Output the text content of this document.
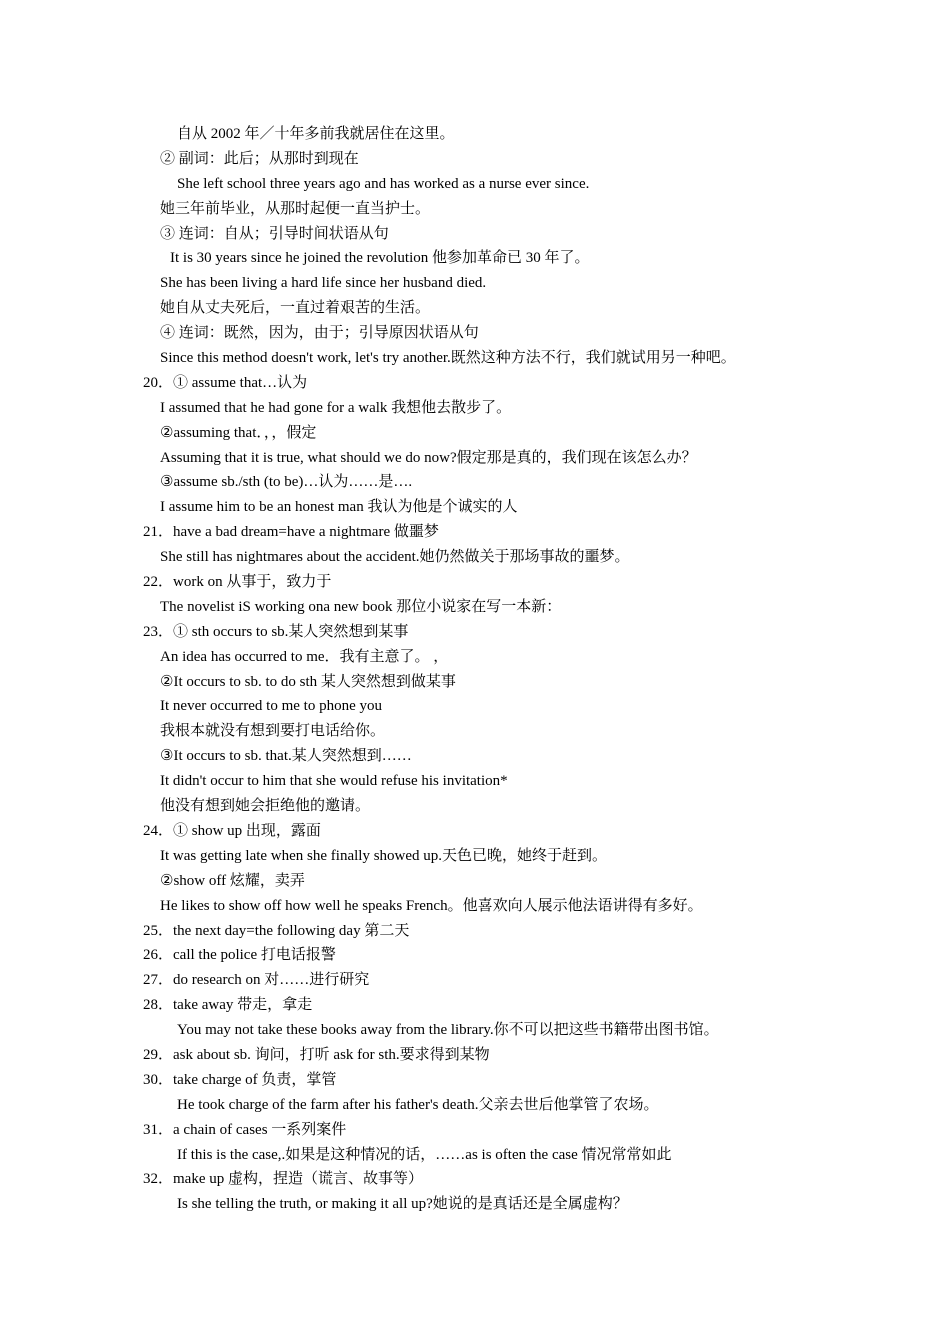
自从 2002 年／十年多前我就居住在这里。
② 副词：此后；从那时到现在
She left school three years ago and has worked as a nurse ever since.
她三年前毕业，从那时起便一直当护士。
③ 连词：自从；引导时间状语从句
It is 30 years since he joined the revolution 他参加革命已 30 年了。
She has been living a hard life since her husband died.
她自从丈夫死后，一直过着艰苦的生活。
④ 连词：既然，因为，由于；引导原因状语从句
Since this method doesn't work, let's try another.既然这种方法不行，我们就试用另一种吧。
20．① assume that…认为
I assumed that he had gone for a walk 我想他去散步了。
②assuming that．，，假定
Assuming that it is true, what should we do now?假定那是真的，我们现在该怎么办？
③assume sb./sth (to be)…认为……是….
I assume him to be an honest man 我认为他是个诚实的人
21．have a bad dream=have a nightmare 做噩梦
She still has nightmares about the accident.她仍然做关于那场事故的噩梦。
22．work on 从事于，致力于
The novelist iS working ona new book 那位小说家在写一本新：
23．① sth occurs to sb.某人突然想到某事
An idea has occurred to me．我有主意了。 ，
②It occurs to sb. to do sth 某人突然想到做某事
It never occurred to me to phone you
我根本就没有想到要打电话给你。
③It occurs to sb. that.某人突然想到……
It didn't occur to him that she would refuse his invitation*
他没有想到她会拒绝他的邀请。
24．① show up 出现，露面
It was getting late when she finally showed up.天色已晚，她终于赶到。
②show off 炫耀，卖弄
He likes to show off how well he speaks French。他喜欢向人展示他法语讲得有多好。
25．the next day=the following day 第二天
26．call the police 打电话报警
27．do research on 对……进行研究
28．take away 带走，拿走
You may not take these books away from the library.你不可以把这些书籍带出图书馆。
29．ask about sb. 询问，打听 ask for sth.要求得到某物
30．take charge of 负责，掌管
He took charge of the farm after his father's death.父亲去世后他掌管了农场。
31．a chain of cases 一系列案件
If this is the case,.如果是这种情况的话，……as is often the case 情况常常如此
32．make up 虚构，捏造（谎言、故事等）
Is she telling the truth, or making it all up?她说的是真话还是全属虚构？
